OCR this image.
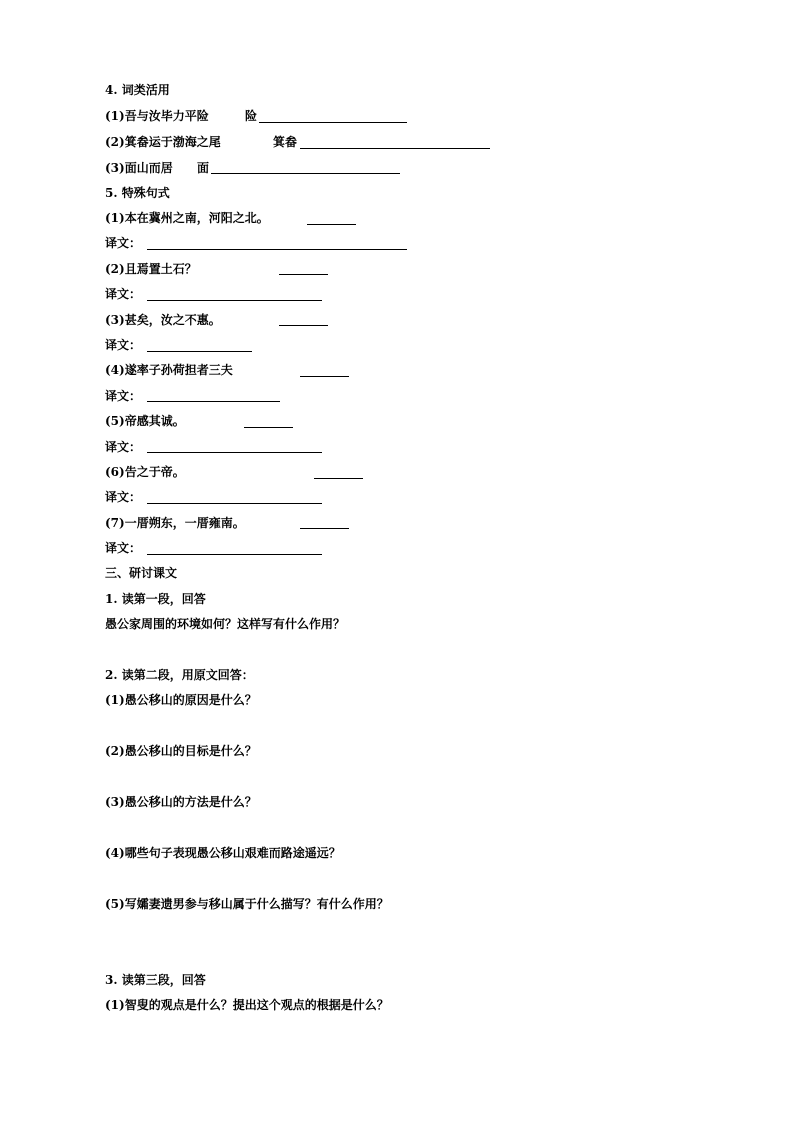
4. 词类活用
(1)吾与汝毕力平险	险
(2)箕畚运于渤海之尾	箕畚
(3)面山而居 面
5. 特殊句式
(1)本在冀州之南，河阳之北。
译文：
(2)且焉置土石？
译文：
(3)甚矣，汝之不惠。
译文：
(4)遂率子孙荷担者三夫
译文：
(5)帝感其诚。
译文：
(6)告之于帝。
译文：
(7)一厝朔东，一厝雍南。
译文：
三、研讨课文
1. 读第一段，回答
愚公家周围的环境如何？这样写有什么作用？
2. 读第二段，用原文回答：
(1)愚公移山的原因是什么？
(2)愚公移山的目标是什么？
(3)愚公移山的方法是什么？
(4)哪些句子表现愚公移山艰难而路途遥远？
(5)写孀妻遗男参与移山属于什么描写？有什么作用？
3. 读第三段，回答
(1)智叟的观点是什么？提出这个观点的根据是什么？
